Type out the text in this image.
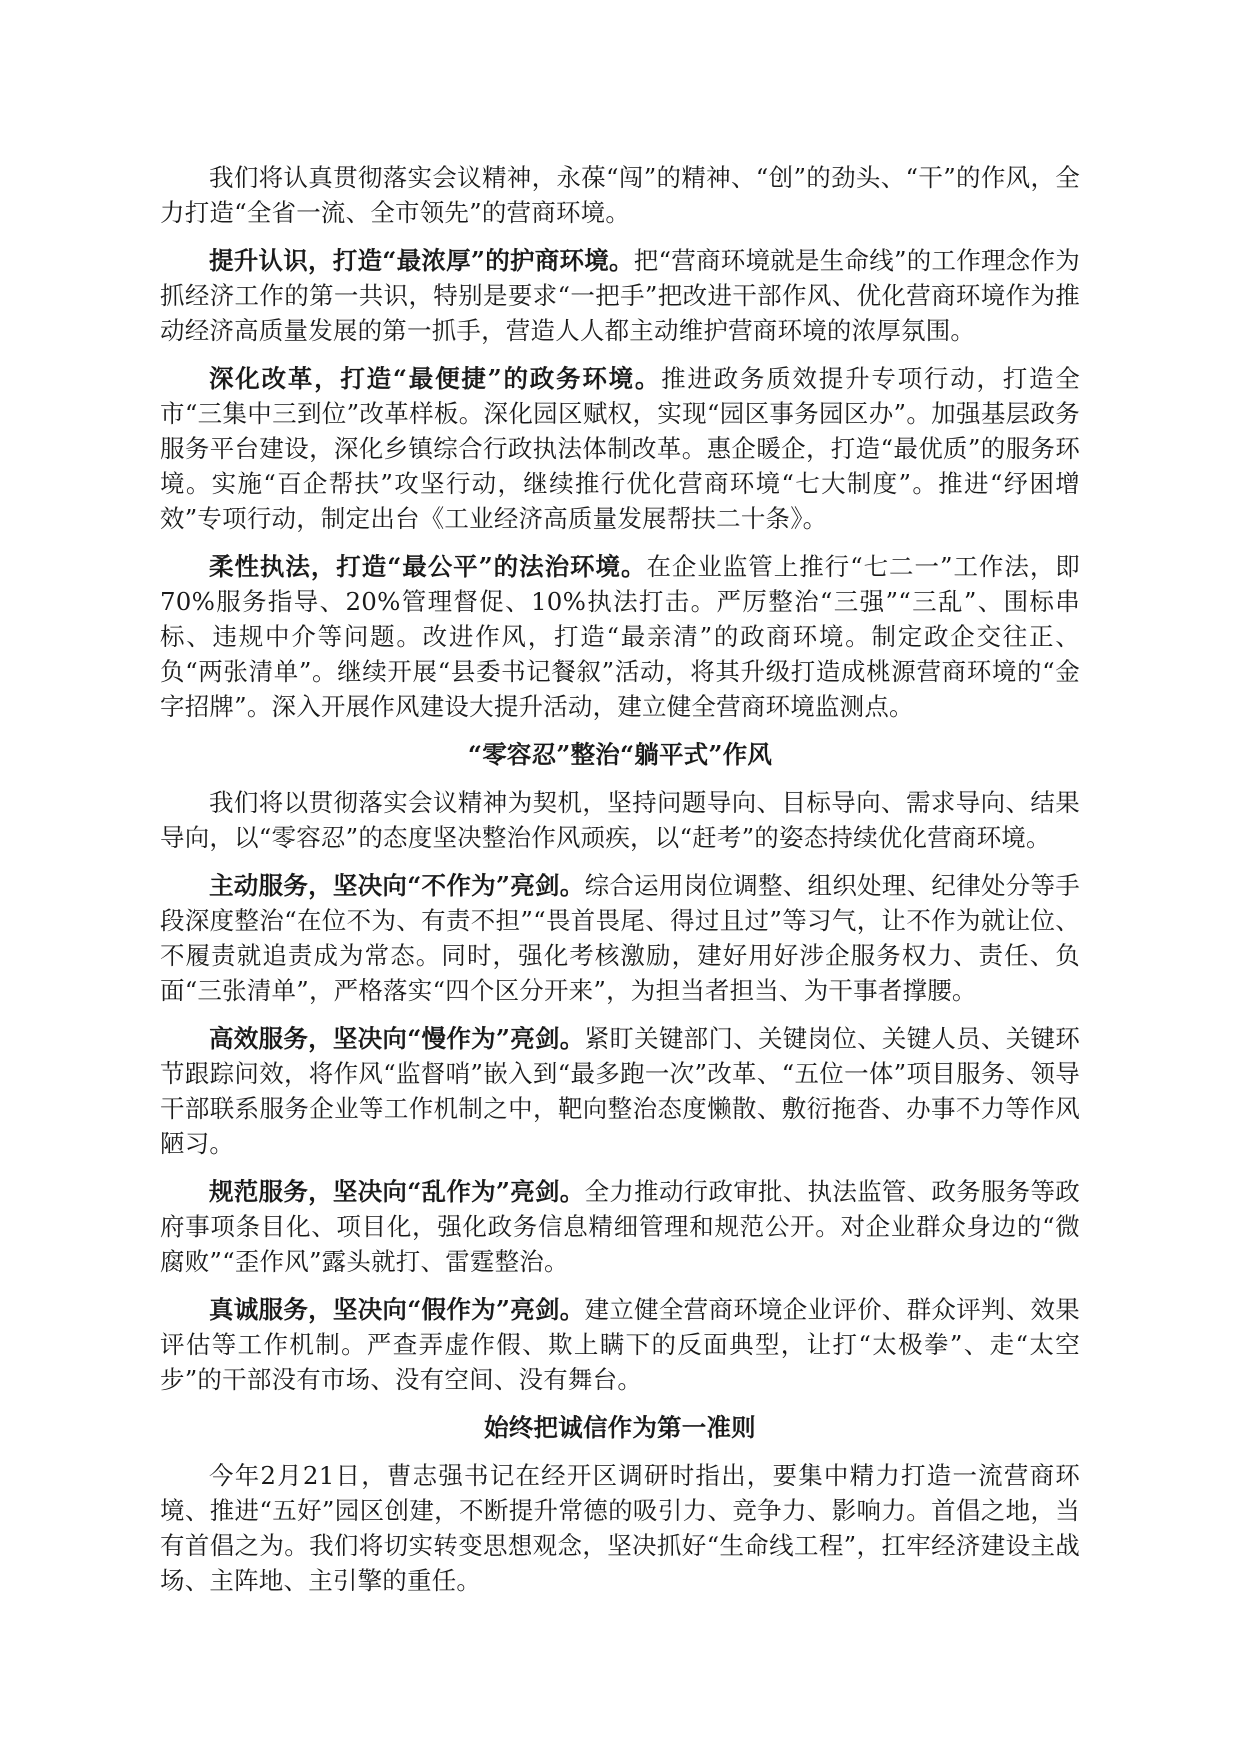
我们将认真贯彻落实会议精神，永葆“闯”的精神、“创”的劲头、“干”的作风，全力打造“全省一流、全市领先”的营商环境。

提升认识，打造“最浓厚”的护商环境。把“营商环境就是生命线”的工作理念作为抓经济工作的第一共识，特别是要求“一把手”把改进干部作风、优化营商环境作为推动经济高质量发展的第一抓手，营造人人都主动维护营商环境的浓厚氛围。

深化改革，打造“最便捷”的政务环境。推进政务质效提升专项行动，打造全市“三集中三到位”改革样板。深化园区赋权，实现“园区事务园区办”。加强基层政务服务平台建设，深化乡镇综合行政执法体制改革。惠企暖企，打造“最优质”的服务环境。实施“百企帮扶”攻坚行动，继续推行优化营商环境“七大制度”。推进“纾困增效”专项行动，制定出台《工业经济高质量发展帮扶二十条》。

柔性执法，打造“最公平”的法治环境。在企业监管上推行“七二一”工作法，即70%服务指导、20%管理督促、10%执法打击。严厉整治“三强”“三乱”、围标串标、违规中介等问题。改进作风，打造“最亲清”的政商环境。制定政企交往正、负“两张清单”。继续开展“县委书记餐叙”活动，将其升级打造成桃源营商环境的“金字招牌”。深入开展作风建设大提升活动，建立健全营商环境监测点。

“零容忍”整治“躺平式”作风

我们将以贯彻落实会议精神为契机，坚持问题导向、目标导向、需求导向、结果导向，以“零容忍”的态度坚决整治作风顽疾，以“赶考”的姿态持续优化营商环境。

主动服务，坚决向“不作为”亮剑。综合运用岗位调整、组织处理、纪律处分等手段深度整治“在位不为、有责不担”“畏首畏尾、得过且过”等习气，让不作为就让位、不履责就追责成为常态。同时，强化考核激励，建好用好涉企服务权力、责任、负面“三张清单”，严格落实“四个区分开来”，为担当者担当、为干事者撑腰。

高效服务，坚决向“慢作为”亮剑。紧盯关键部门、关键岗位、关键人员、关键环节跟踪问效，将作风“监督哨”嵌入到“最多跑一次”改革、“五位一体”项目服务、领导干部联系服务企业等工作机制之中，靶向整治态度懒散、敷衍拖沓、办事不力等作风陋习。

规范服务，坚决向“乱作为”亮剑。全力推动行政审批、执法监管、政务服务等政府事项条目化、项目化，强化政务信息精细管理和规范公开。对企业群众身边的“微腐败”“歪作风”露头就打、雷霆整治。

真诚服务，坚决向“假作为”亮剑。建立健全营商环境企业评价、群众评判、效果评估等工作机制。严查弄虚作假、欺上瞒下的反面典型，让打“太极拳”、走“太空步”的干部没有市场、没有空间、没有舞台。

始终把诚信作为第一准则

今年2月21日，曹志强书记在经开区调研时指出，要集中精力打造一流营商环境、推进“五好”园区创建，不断提升常德的吸引力、竞争力、影响力。首倡之地，当有首倡之为。我们将切实转变思想观念，坚决抓好“生命线工程”，扛牢经济建设主战场、主阵地、主引擎的重任。
